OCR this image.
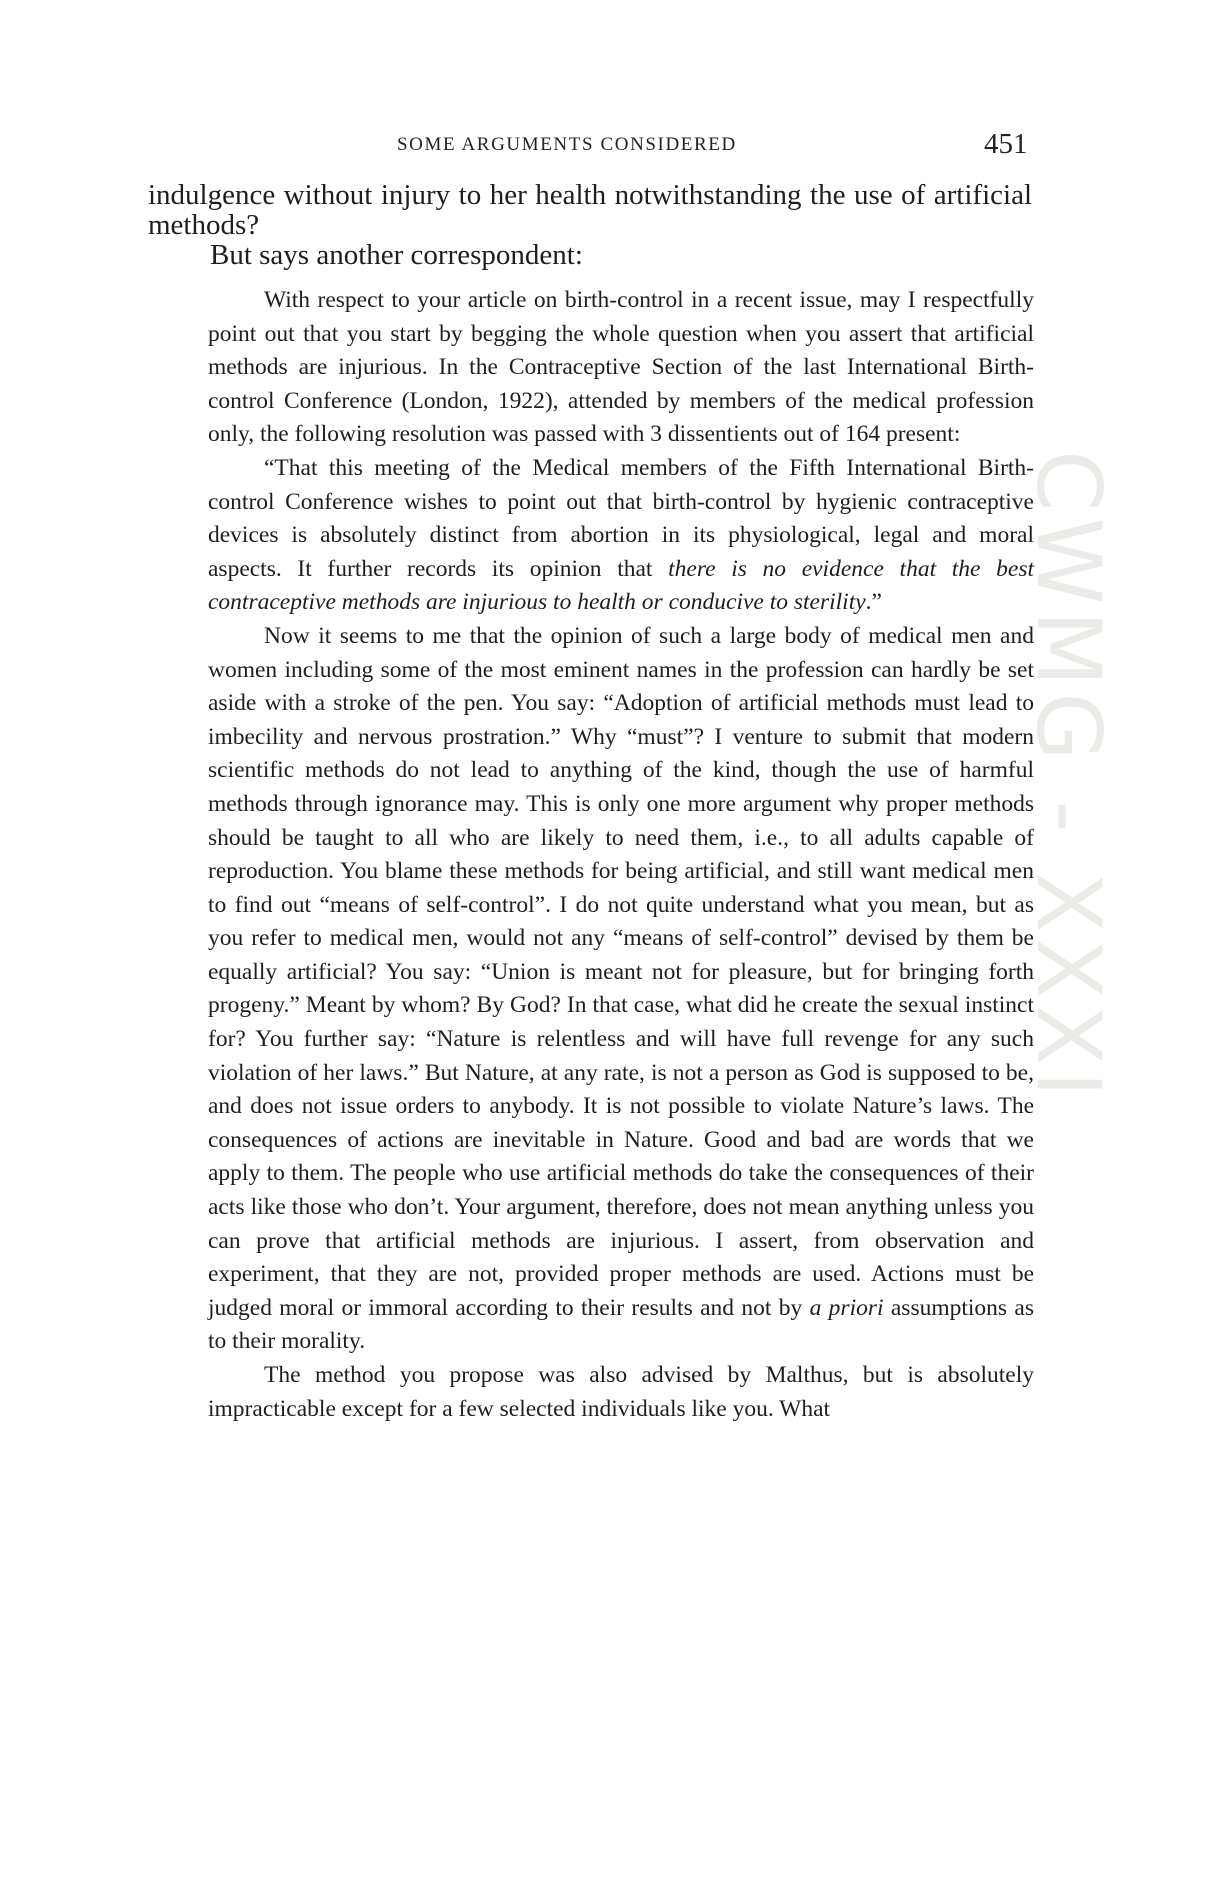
SOME ARGUMENTS CONSIDERED	451
CWMG - XXXI

indulgence without injury to her health notwithstanding the use of artificial methods?

But says another correspondent:

With respect to your article on birth-control in a recent issue, may I respectfully point out that you start by begging the whole question when you assert that artificial methods are injurious. In the Contraceptive Section of the last International Birth-control Conference (London, 1922), attended by members of the medical profession only, the following resolution was passed with 3 dissentients out of 164 present:

“That this meeting of the Medical members of the Fifth International Birth-control Conference wishes to point out that birth-control by hygienic contraceptive devices is absolutely distinct from abortion in its physiological, legal and moral aspects. It further records its opinion that there is no evidence that the best contraceptive methods are injurious to health or conducive to sterility.”

Now it seems to me that the opinion of such a large body of medical men and women including some of the most eminent names in the profession can hardly be set aside with a stroke of the pen. You say: “Adoption of artificial methods must lead to imbecility and nervous prostration.” Why “must”? I venture to submit that modern scientific methods do not lead to anything of the kind, though the use of harmful methods through ignorance may. This is only one more argument why proper methods should be taught to all who are likely to need them, i.e., to all adults capable of reproduction. You blame these methods for being artificial, and still want medical men to find out “means of self-control”. I do not quite understand what you mean, but as you refer to medical men, would not any “means of self-control” devised by them be equally artificial? You say: “Union is meant not for pleasure, but for bringing forth progeny.” Meant by whom? By God? In that case, what did he create the sexual instinct for? You further say: “Nature is relentless and will have full revenge for any such violation of her laws.” But Nature, at any rate, is not a person as God is supposed to be, and does not issue orders to anybody. It is not possible to violate Nature’s laws. The consequences of actions are inevitable in Nature. Good and bad are words that we apply to them. The people who use artificial methods do take the consequences of their acts like those who don’t. Your argument, therefore, does not mean anything unless you can prove that artificial methods are injurious. I assert, from observation and experiment, that they are not, provided proper methods are used. Actions must be judged moral or immoral according to their results and not by a priori assumptions as to their morality.

The method you propose was also advised by Malthus, but is absolutely impracticable except for a few selected individuals like you. What
